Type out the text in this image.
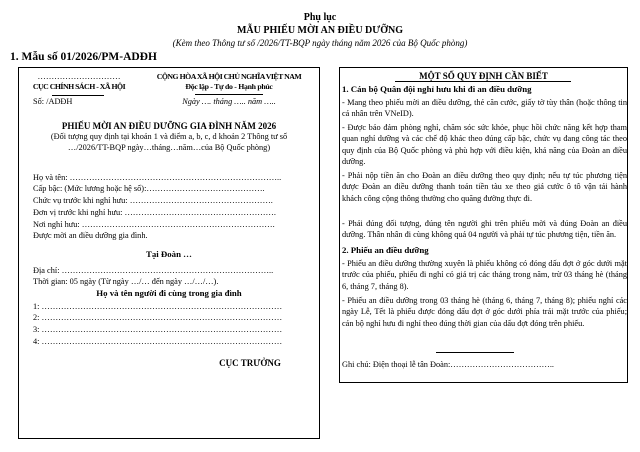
Phụ lục
MẪU PHIẾU MỜI AN ĐIỀU DƯỠNG
(Kèm theo Thông tư số /2026/TT-BQP ngày tháng năm 2026 của Bộ Quốc phòng)
1. Mẫu số 01/2026/PM-ADĐH
…………………………
CỤC CHÍNH SÁCH - XÃ HỘI
Số: /ADĐH
CỘNG HÒA XÃ HỘI CHỦ NGHĨA VIỆT NAM
Độc lập - Tự do - Hạnh phúc
Ngày …. tháng ….. năm …..
PHIẾU MỜI AN ĐIỀU DƯỠNG GIA ĐÌNH NĂM 2026
(Đối tượng quy định tại khoản 1 và điểm a, b, c, d khoản 2 Thông tư số
…/2026/TT-BQP ngày…tháng…năm…của Bộ Quốc phòng)
Họ và tên: …………………………………………………………………..
Cấp bậc: (Mức lương hoặc hệ số):…………………………………….
Chức vụ trước khi nghỉ hưu: …………………………………………….
Đơn vị trước khi nghỉ hưu: ……………………………………………….
Nơi nghỉ hưu: …………………………………………………………….
Được mời an điều dưỡng gia đình.
Tại Đoàn …
Địa chỉ: …………………………………………………………………..
Thời gian: 05 ngày (Từ ngày …/… đến ngày …/…/…).
Họ và tên người đi cùng trong gia đình
1: ……………………………………………………………………………
2: ……………………………………………………………………………
3: ……………………………………………………………………………
4: ……………………………………………………………………………
CỤC TRƯỞNG
MỘT SỐ QUY ĐỊNH CẦN BIẾT
1. Cán bộ Quân đội nghỉ hưu khi đi an điều dưỡng
- Mang theo phiếu mời an điều dưỡng, thẻ căn cước, giấy tờ tùy thân (hoặc thông tin cá nhân trên VNeID).
- Được bảo đảm phòng nghỉ, chăm sóc sức khỏe, phục hồi chức năng kết hợp tham quan nghỉ dưỡng và các chế độ khác theo đúng cấp bậc, chức vụ đang công tác theo quy định của Bộ Quốc phòng và phù hợp với điều kiện, khả năng của Đoàn an điều dưỡng.
- Phải nộp tiền ăn cho Đoàn an điều dưỡng theo quy định; nếu tự túc phương tiện được Đoàn an điều dưỡng thanh toán tiền tàu xe theo giá cước ô tô vận tải hành khách công cộng thông thường cho quãng đường thực đi.
- Phải đúng đối tượng, đúng tên người ghi trên phiếu mời và đúng Đoàn an điều dưỡng. Thân nhân đi cùng không quá 04 người và phải tự túc phương tiện, tiền ăn.
2. Phiếu an điều dưỡng
- Phiếu an điều dưỡng thường xuyên là phiếu không có đóng dấu đợt ở góc dưới mặt trước của phiếu, phiếu đi nghỉ có giá trị các tháng trong năm, trừ 03 tháng hè (tháng 6, tháng 7, tháng 8).
- Phiếu an điều dưỡng trong 03 tháng hè (tháng 6, tháng 7, tháng 8); phiếu nghỉ các ngày Lễ, Tết là phiếu được đóng dấu đợt ở góc dưới phía trái mặt trước của phiếu; cán bộ nghỉ hưu đi nghỉ theo đúng thời gian của dấu đợt đóng trên phiếu.
Ghi chú: Điện thoại lễ tân Đoàn:………………………………..
